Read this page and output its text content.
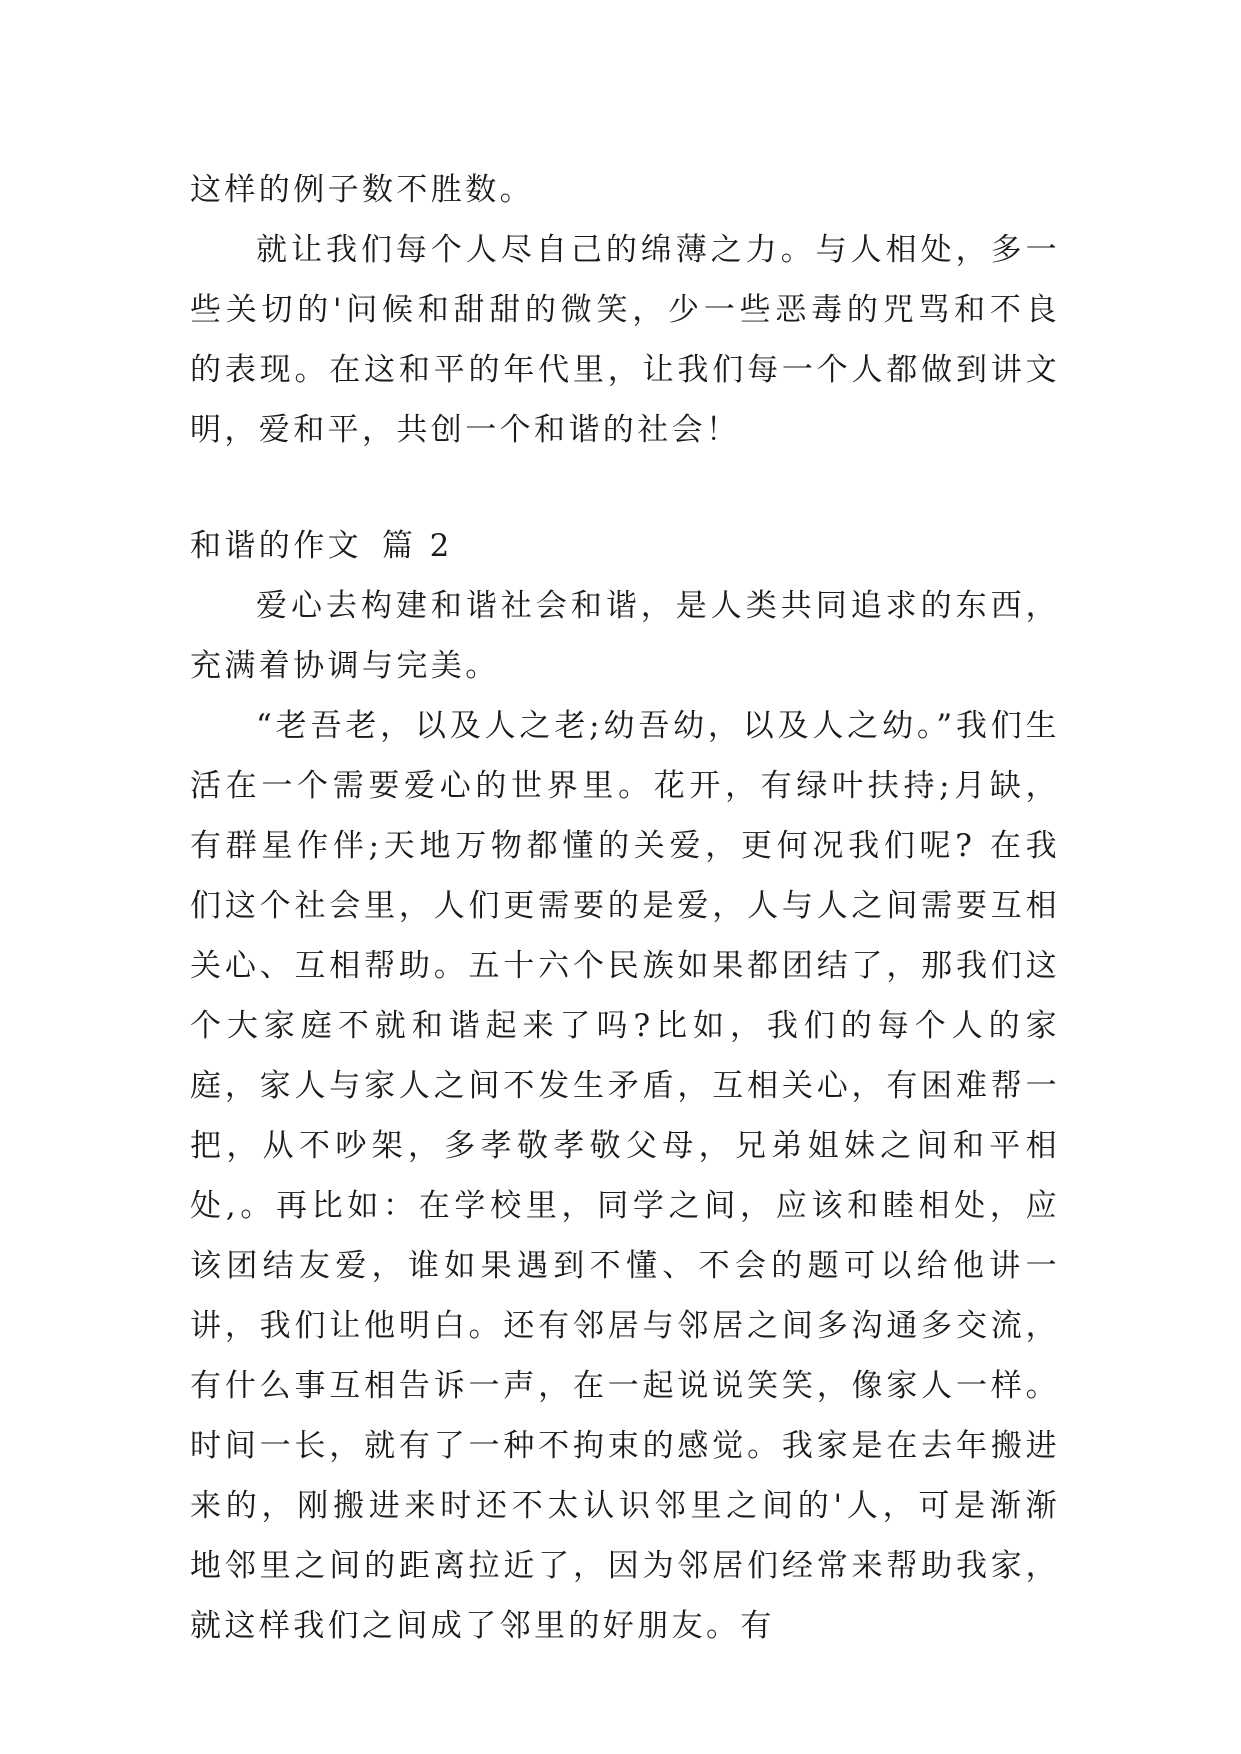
这样的例子数不胜数。

就让我们每个人尽自己的绵薄之力。与人相处，多一些关切的'问候和甜甜的微笑，少一些恶毒的咒骂和不良的表现。在这和平的年代里，让我们每一个人都做到讲文明，爱和平，共创一个和谐的社会！

和谐的作文 篇 2

爱心去构建和谐社会和谐，是人类共同追求的东西，充满着协调与完美。

“老吾老，以及人之老;幼吾幼，以及人之幼。”我们生活在一个需要爱心的世界里。花开，有绿叶扶持;月缺，有群星作伴;天地万物都懂的关爱，更何况我们呢? 在我们这个社会里，人们更需要的是爱，人与人之间需要互相关心、互相帮助。五十六个民族如果都团结了，那我们这个大家庭不就和谐起来了吗?比如，我们的每个人的家庭，家人与家人之间不发生矛盾，互相关心，有困难帮一把，从不吵架，多孝敬孝敬父母，兄弟姐妹之间和平相处,。再比如：在学校里，同学之间，应该和睦相处，应该团结友爱，谁如果遇到不懂、不会的题可以给他讲一讲，我们让他明白。还有邻居与邻居之间多沟通多交流，有什么事互相告诉一声，在一起说说笑笑，像家人一样。时间一长，就有了一种不拘束的感觉。我家是在去年搬进来的，刚搬进来时还不太认识邻里之间的'人，可是渐渐地邻里之间的距离拉近了，因为邻居们经常来帮助我家，就这样我们之间成了邻里的好朋友。有
